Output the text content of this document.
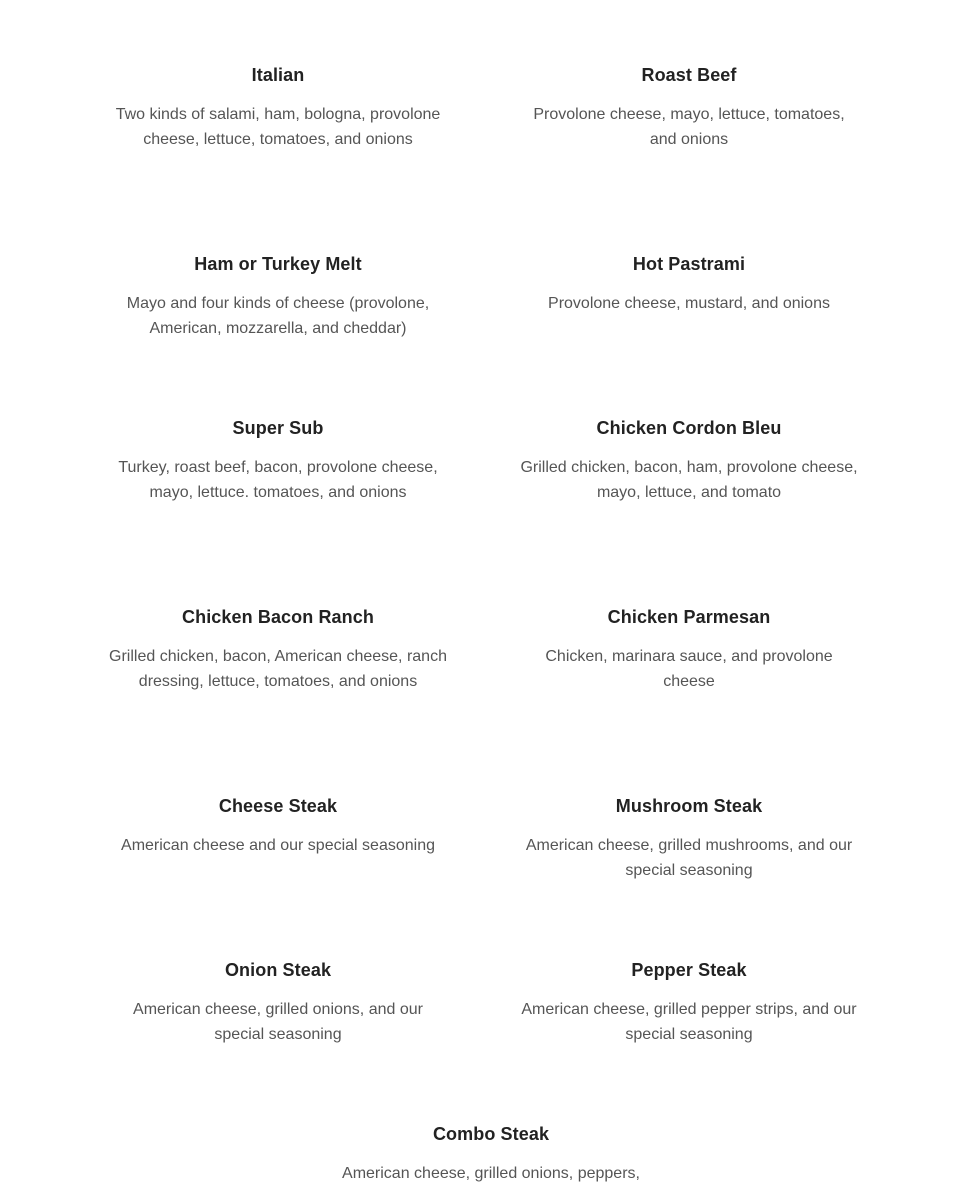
Italian

Two kinds of salami, ham, bologna, provolone cheese, lettuce, tomatoes, and onions

Roast Beef

Provolone cheese, mayo, lettuce, tomatoes, and onions

Ham or Turkey Melt

Mayo and four kinds of cheese (provolone, American, mozzarella, and cheddar)

Hot Pastrami

Provolone cheese, mustard, and onions

Super Sub

Turkey, roast beef, bacon, provolone cheese, mayo, lettuce. tomatoes, and onions

Chicken Cordon Bleu

Grilled chicken, bacon, ham, provolone cheese, mayo, lettuce, and tomato

Chicken Bacon Ranch

Grilled chicken, bacon, American cheese, ranch dressing, lettuce, tomatoes, and onions

Chicken Parmesan

Chicken, marinara sauce, and provolone cheese

Cheese Steak

American cheese and our special seasoning

Mushroom Steak

American cheese, grilled mushrooms, and our special seasoning

Onion Steak

American cheese, grilled onions, and our special seasoning

Pepper Steak

American cheese, grilled pepper strips, and our special seasoning

Combo Steak

American cheese, grilled onions, peppers,
